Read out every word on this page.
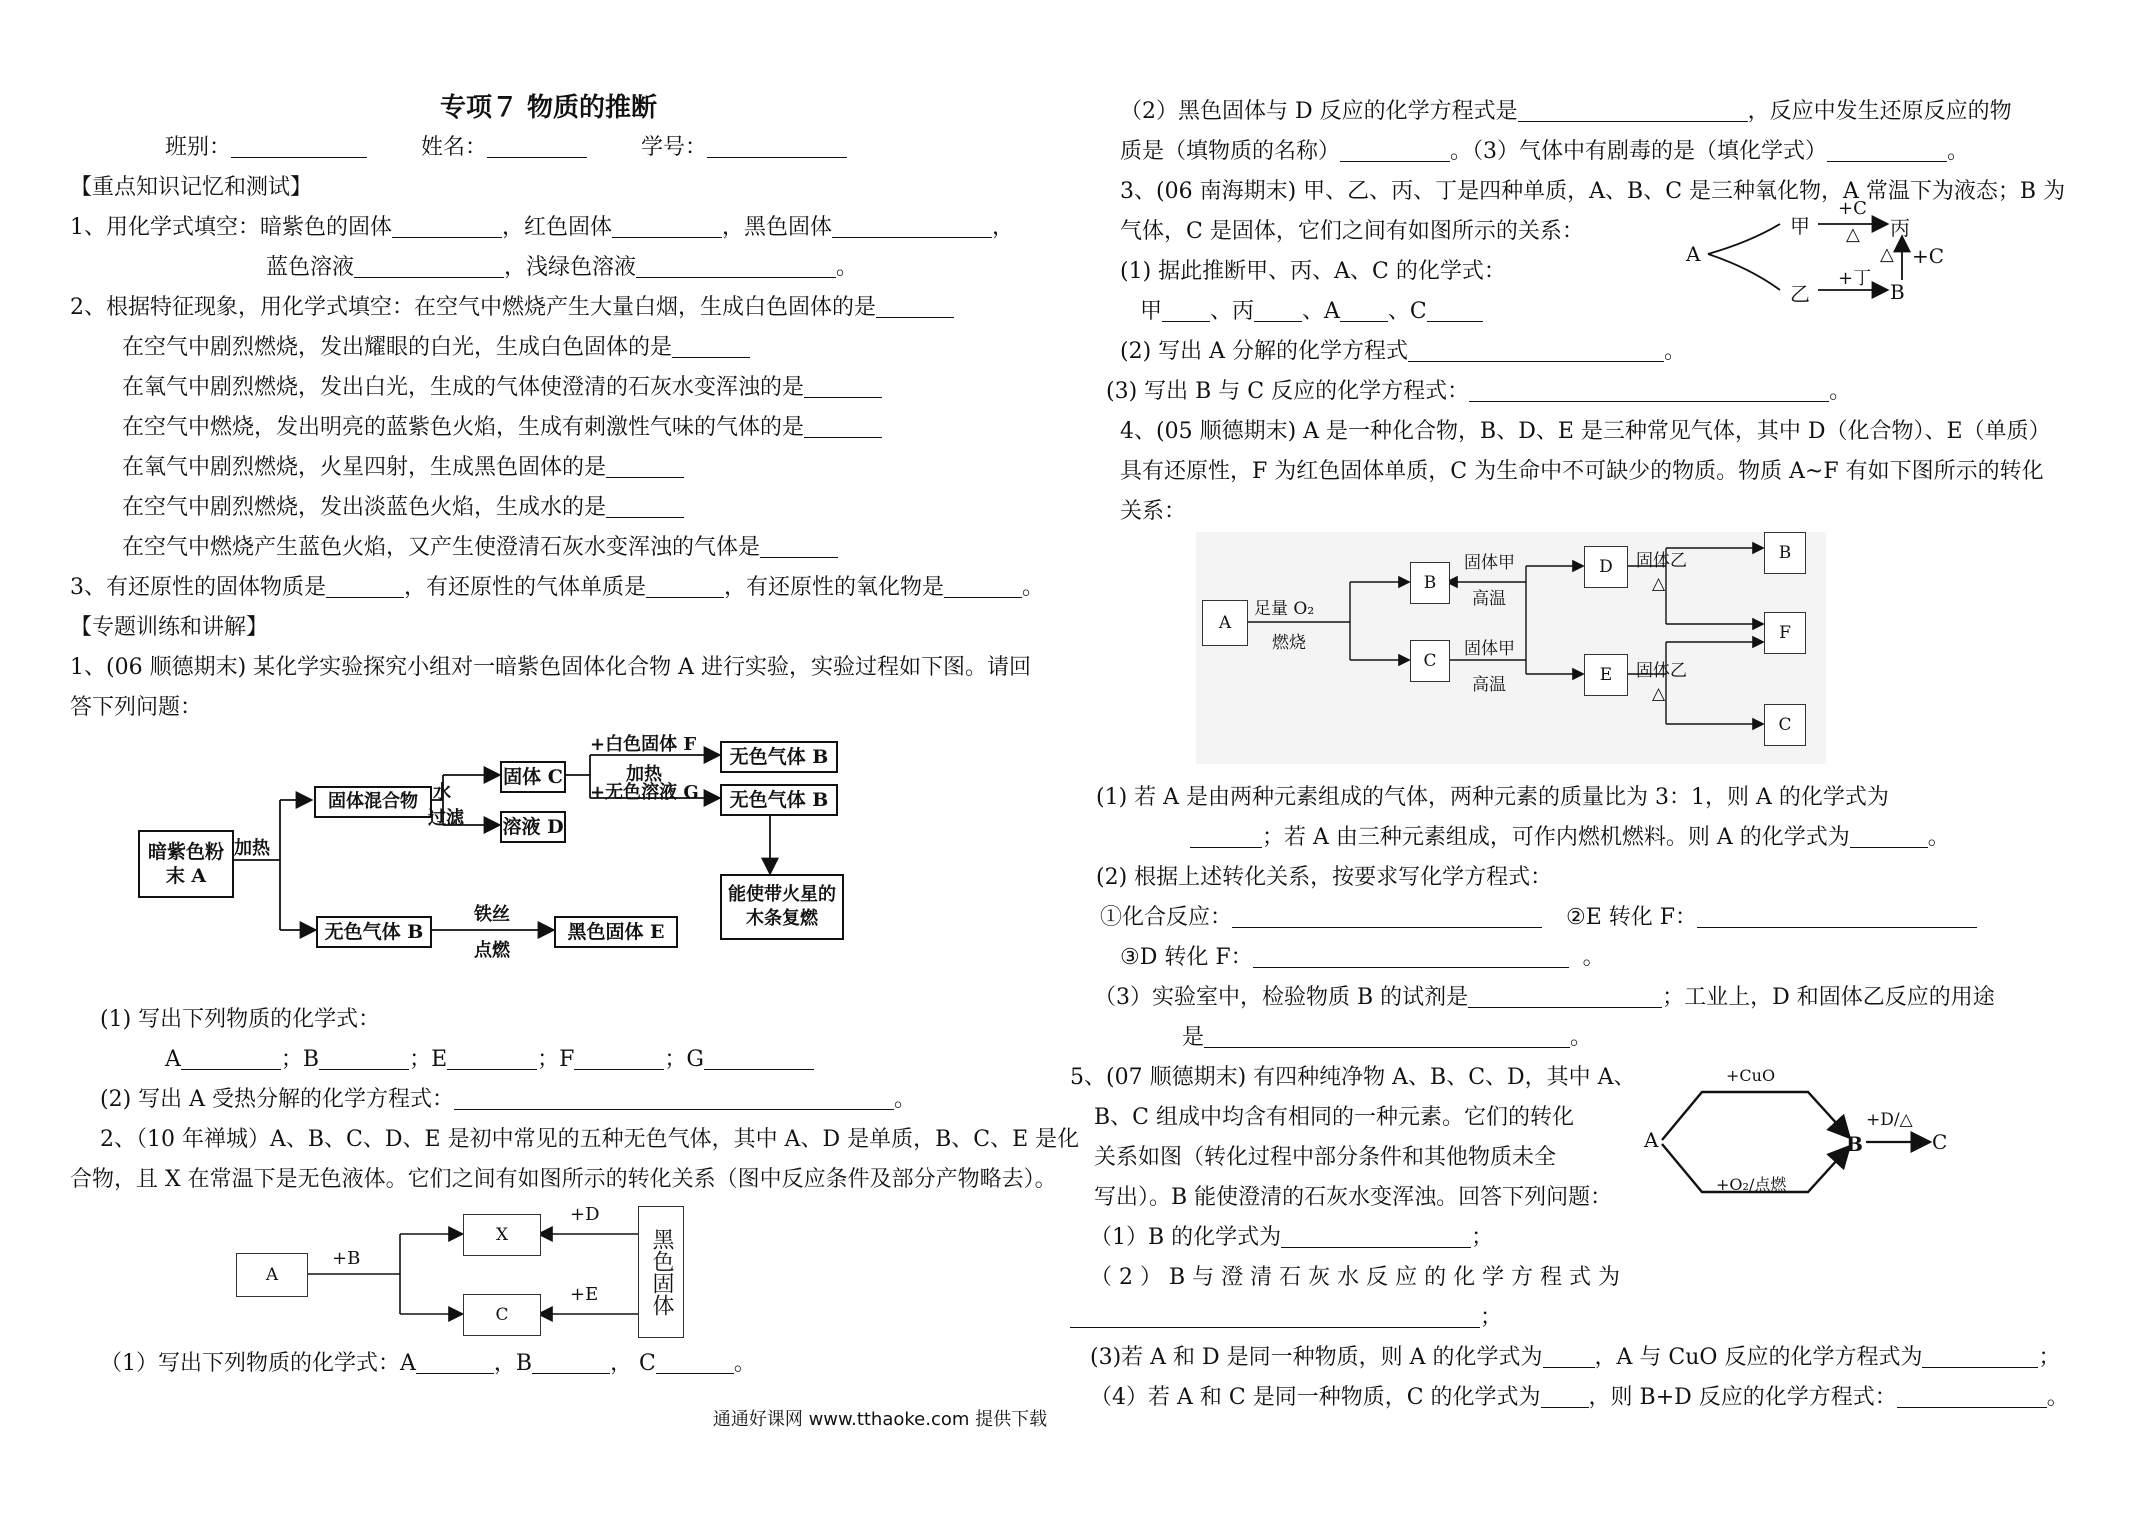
专项７ 物质的推断
班别：	姓名：	学号：
【重点知识记忆和测试】
1、用化学式填空：暗紫色的固体	，红色固体	，黑色固体	，
蓝色溶液	，浅绿色溶液	。
2、根据特征现象，用化学式填空：在空气中燃烧产生大量白烟，生成白色固体的是
在空气中剧烈燃烧，发出耀眼的白光，生成白色固体的是
在氧气中剧烈燃烧，发出白光，生成的气体使澄清的石灰水变浑浊的是
在空气中燃烧，发出明亮的蓝紫色火焰，生成有刺激性气味的气体的是
在氧气中剧烈燃烧，火星四射，生成黑色固体的是
在空气中剧烈燃烧，发出淡蓝色火焰，生成水的是
在空气中燃烧产生蓝色火焰，又产生使澄清石灰水变浑浊的气体是
3、有还原性的固体物质是	，有还原性的气体单质是	，有还原性的氧化物是	。
【专题训练和讲解】
1、(06 顺德期末) 某化学实验探究小组对一暗紫色固体化合物 A 进行实验，实验过程如下图。请回
答下列问题：
暗紫色粉末 A
加热
固体混合物 水
过滤
固体 C
溶液 D
+白色固体 F
加热
+无色溶液 G
无色气体 B
无色气体 B
能使带火星的木条复燃
无色气体 B
铁丝
点燃
黑色固体 E
(1) 写出下列物质的化学式：
A	；B	；E	；F	；G
(2) 写出 A 受热分解的化学方程式：	。
2、（10 年禅城）A、B、C、D、E 是初中常见的五种无色气体，其中 A、D 是单质，B、C、E 是化
合物，且 X 在常温下是无色液体。它们之间有如图所示的转化关系（图中反应条件及部分产物略去）。
A
+B
X
C
+D
+E 黑色固体
（1）写出下列物质的化学式：A	，B	， C	。
（2）黑色固体与 D 反应的化学方程式是	，反应中发生还原反应的物
质是（填物质的名称）	。（3）气体中有剧毒的是（填化学式）	。
3、(06 南海期末) 甲、乙、丙、丁是四种单质，A、B、C 是三种氧化物，A 常温下为液态；B 为
气体，C 是固体，它们之间有如图所示的关系：
A
甲
乙
+C
△ 丙
+丁
B
△ +C
(1) 据此推断甲、丙、A、C 的化学式：
甲 、丙 、A 、C
(2) 写出 A 分解的化学方程式	。
(3) 写出 B 与 C 反应的化学方程式：	。
4、(05 顺德期末) A 是一种化合物，B、D、E 是三种常见气体，其中 D（化合物）、E（单质）
具有还原性，F 为红色固体单质，C 为生命中不可缺少的物质。物质 A~F 有如下图所示的转化
关系：
A
足量 O₂
燃烧
B
C
固体甲
高温
固体甲
高温
D
E
固体乙
△
固体乙
△
B
F
C
(1) 若 A 是由两种元素组成的气体，两种元素的质量比为 3：1，则 A 的化学式为
；若 A 由三种元素组成，可作内燃机燃料。则 A 的化学式为	。
(2) 根据上述转化关系，按要求写化学方程式：
①化合反应：	②E 转化 F：
③D 转化 F：	。
（3）实验室中，检验物质 B 的试剂是	；工业上，D 和固体乙反应的用途
是	。
5、(07 顺德期末) 有四种纯净物 A、B、C、D，其中 A、
B、C 组成中均含有相同的一种元素。它们的转化
关系如图（转化过程中部分条件和其他物质未全
写出）。B 能使澄清的石灰水变浑浊。回答下列问题：
A	B	C
+CuO
+O₂/点燃
+D/△
（1）B 的化学式为	；
（ 2 ） B 与 澄 清 石 灰 水 反 应 的 化 学 方 程 式 为
；
(3)若 A 和 D 是同一种物质，则 A 的化学式为 ，A 与 CuO 反应的化学方程式为	；
（4）若 A 和 C 是同一种物质，C 的化学式为 ，则 B+D 反应的化学方程式：	。
通通好课网 www.tthaoke.com 提供下载
